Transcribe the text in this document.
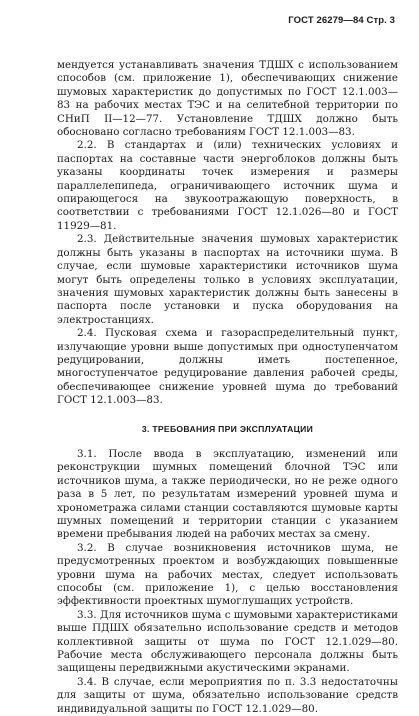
ГОСТ 26279—84 Стр. 3

мендуется устанавливать значения ТДШХ с использованием способов (см. приложение 1), обеспечивающих снижение шумовых характеристик до допустимых по ГОСТ 12.1.003—83 на рабочих местах ТЭС и на селитебной территории по СНиП II—12—77. Установление ТДШХ должно быть обосновано согласно требованиям ГОСТ 12.1.003—83.

2.2. В стандартах и (или) технических условиях и паспортах на составные части энергоблоков должны быть указаны координаты точек измерения и размеры параллелепипеда, ограничивающего источник шума и опирающегося на звукоотражающую поверхность, в соответствии с требованиями ГОСТ 12.1.026—80 и ГОСТ 11929—81.

2.3. Действительные значения шумовых характеристик должны быть указаны в паспортах на источники шума. В случае, если шумовые характеристики источников шума могут быть определены только в условиях эксплуатации, значения шумовых характеристик должны быть занесены в паспорта после установки и пуска оборудования на электростанциях.

2.4. Пусковая схема и газораспределительный пункт, излучающие уровни выше допустимых при одноступенчатом редуцировании, должны иметь постепенное, многоступенчатое редуцирование давления рабочей среды, обеспечивающее снижение уровней шума до требований ГОСТ 12.1.003—83.

3. ТРЕБОВАНИЯ ПРИ ЭКСПЛУАТАЦИИ

3.1. После ввода в эксплуатацию, изменений или реконструкции шумных помещений блочной ТЭС или источников шума, а также периодически, но не реже одного раза в 5 лет, по результатам измерений уровней шума и хронометража силами станции составляются шумовые карты шумных помещений и территории станции с указанием времени пребывания людей на рабочих местах за смену.

3.2. В случае возникновения источников шума, не предусмотренных проектом и возбуждающих повышенные уровни шума на рабочих местах, следует использовать способы (см. приложение 1), с целью восстановления эффективности проектных шумоглушащих устройств.

3.3. Для источников шума с шумовыми характеристиками выше ПДШХ обязательно использование средств и методов коллективной защиты от шума по ГОСТ 12.1.029—80. Рабочие места обслуживающего персонала должны быть защищены передвижными акустическими экранами.

3.4. В случае, если мероприятия по п. 3.3 недостаточны для защиты от шума, обязательно использование средств индивидуальной защиты по ГОСТ 12.1.029—80.
